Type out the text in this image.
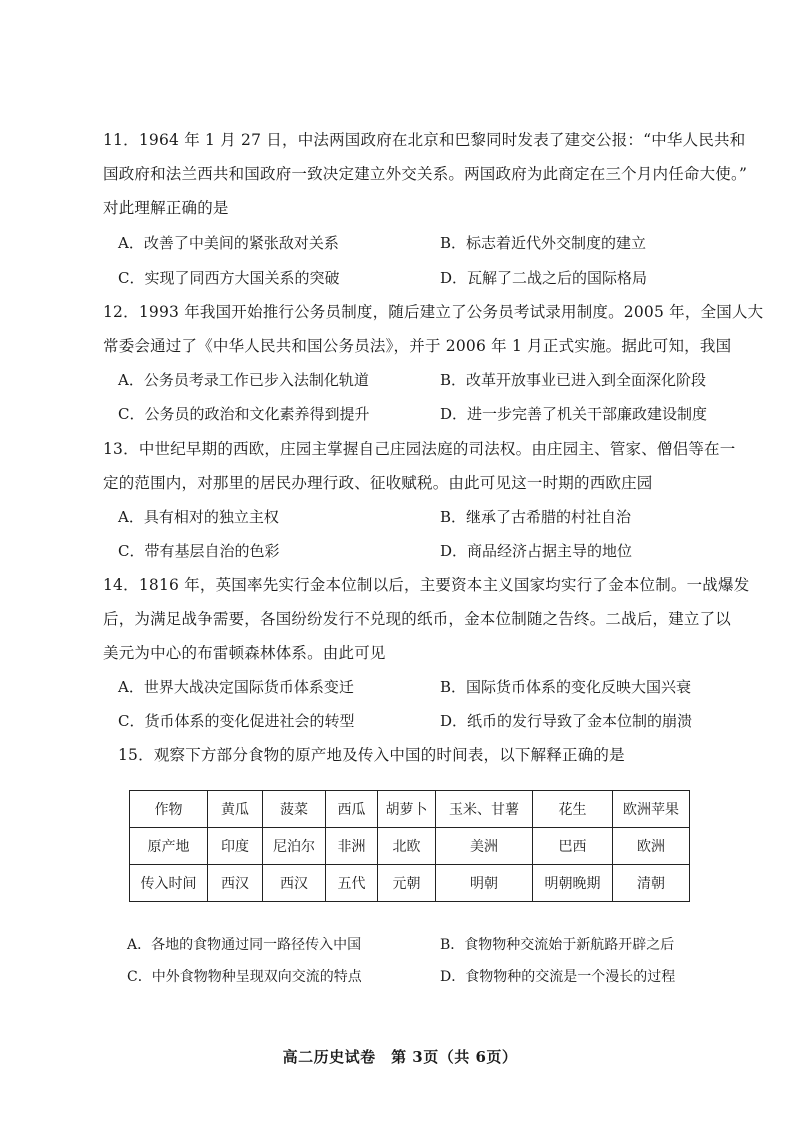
11．1964 年 1 月 27 日，中法两国政府在北京和巴黎同时发表了建交公报：“中华人民共和
国政府和法兰西共和国政府一致决定建立外交关系。两国政府为此商定在三个月内任命大使。”
对此理解正确的是
A．改善了中美间的紧张敌对关系	B．标志着近代外交制度的建立
C．实现了同西方大国关系的突破	D．瓦解了二战之后的国际格局
12．1993 年我国开始推行公务员制度，随后建立了公务员考试录用制度。2005 年，全国人大
常委会通过了《中华人民共和国公务员法》，并于 2006 年 1 月正式实施。据此可知，我国
A．公务员考录工作已步入法制化轨道	B．改革开放事业已进入到全面深化阶段
C．公务员的政治和文化素养得到提升	D．进一步完善了机关干部廉政建设制度
13．中世纪早期的西欧，庄园主掌握自己庄园法庭的司法权。由庄园主、管家、僧侣等在一
定的范围内，对那里的居民办理行政、征收赋税。由此可见这一时期的西欧庄园
A．具有相对的独立主权	B．继承了古希腊的村社自治
C．带有基层自治的色彩	D．商品经济占据主导的地位
14．1816 年，英国率先实行金本位制以后，主要资本主义国家均实行了金本位制。一战爆发
后，为满足战争需要，各国纷纷发行不兑现的纸币，金本位制随之告终。二战后，建立了以
美元为中心的布雷顿森林体系。由此可见
A．世界大战决定国际货币体系变迁	B．国际货币体系的变化反映大国兴衰
C．货币体系的变化促进社会的转型	D．纸币的发行导致了金本位制的崩溃
15．观察下方部分食物的原产地及传入中国的时间表，以下解释正确的是
作物	黄瓜	菠菜	西瓜	胡萝卜	玉米、甘薯	花生	欧洲苹果
原产地	印度	尼泊尔	非洲	北欧	美洲	巴西	欧洲
传入时间	西汉	西汉	五代	元朝	明朝	明朝晚期	清朝
A．各地的食物通过同一路径传入中国	B．食物物种交流始于新航路开辟之后
C．中外食物物种呈现双向交流的特点	D．食物物种的交流是一个漫长的过程
高二历史试卷　第 3页（共 6页）
